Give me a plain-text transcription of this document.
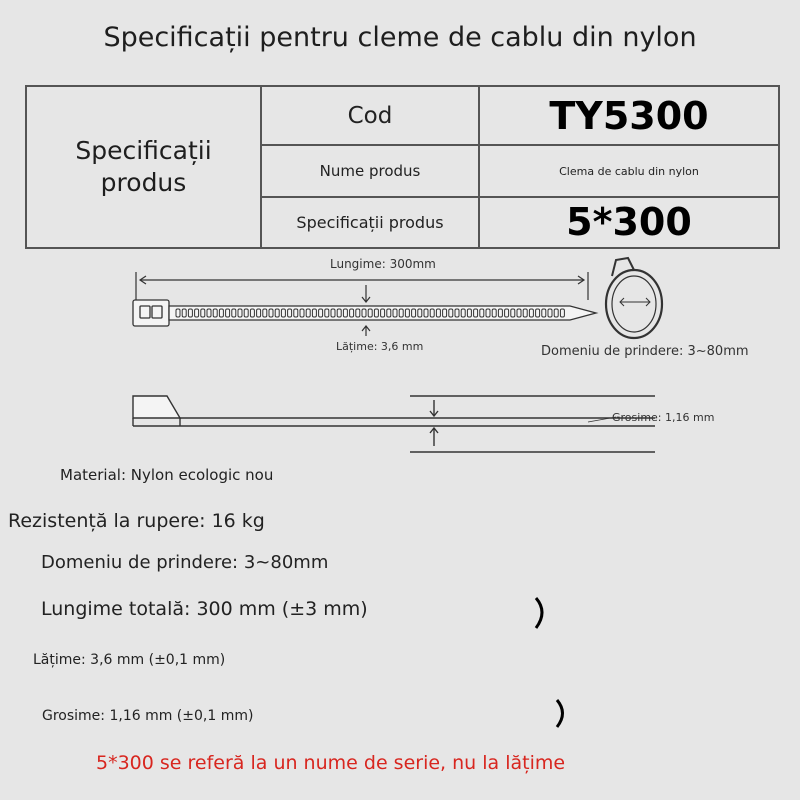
Specificații pentru cleme de cablu din nylon
Specificații produs	Cod	TY5300
	Nume produs	Clema de cablu din nylon
	Specificații produs	5*300
Lungime: 300mm
Lățime: 3,6 mm	Domeniu de prindere: 3~80mm
Grosime: 1,16 mm
Material: Nylon ecologic nou
Rezistență la rupere: 16 kg
Domeniu de prindere: 3~80mm
Lungime totală: 300 mm (±3 mm)
Lățime: 3,6 mm (±0,1 mm)
Grosime: 1,16 mm (±0,1 mm)
5*300 se referă la un nume de serie, nu la lățime
